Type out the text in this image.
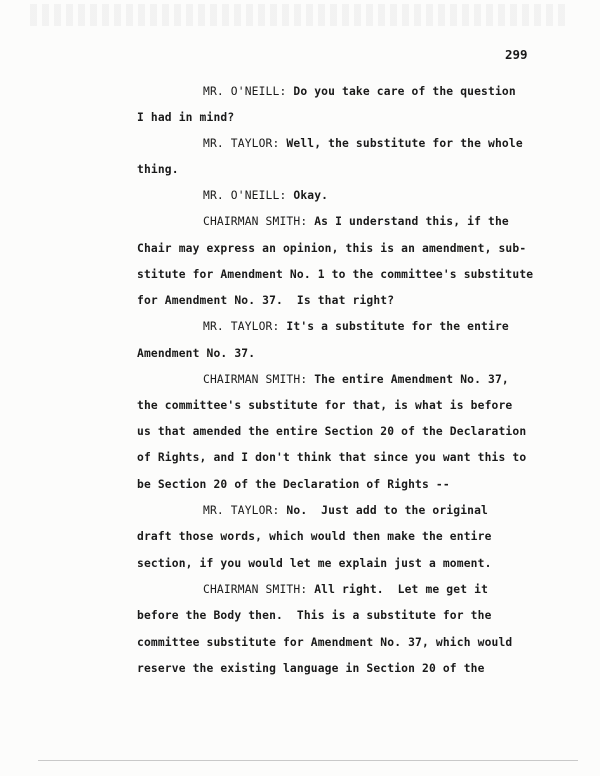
299
MR. O'NEILL: Do you take care of the question
I had in mind?
MR. TAYLOR: Well, the substitute for the whole
thing.
MR. O'NEILL: Okay.
CHAIRMAN SMITH: As I understand this, if the
Chair may express an opinion, this is an amendment, sub-
stitute for Amendment No. 1 to the committee's substitute
for Amendment No. 37.  Is that right?
MR. TAYLOR: It's a substitute for the entire
Amendment No. 37.
CHAIRMAN SMITH: The entire Amendment No. 37,
the committee's substitute for that, is what is before
us that amended the entire Section 20 of the Declaration
of Rights, and I don't think that since you want this to
be Section 20 of the Declaration of Rights --
MR. TAYLOR: No.  Just add to the original
draft those words, which would then make the entire
section, if you would let me explain just a moment.
CHAIRMAN SMITH: All right.  Let me get it
before the Body then.  This is a substitute for the
committee substitute for Amendment No. 37, which would
reserve the existing language in Section 20 of the
